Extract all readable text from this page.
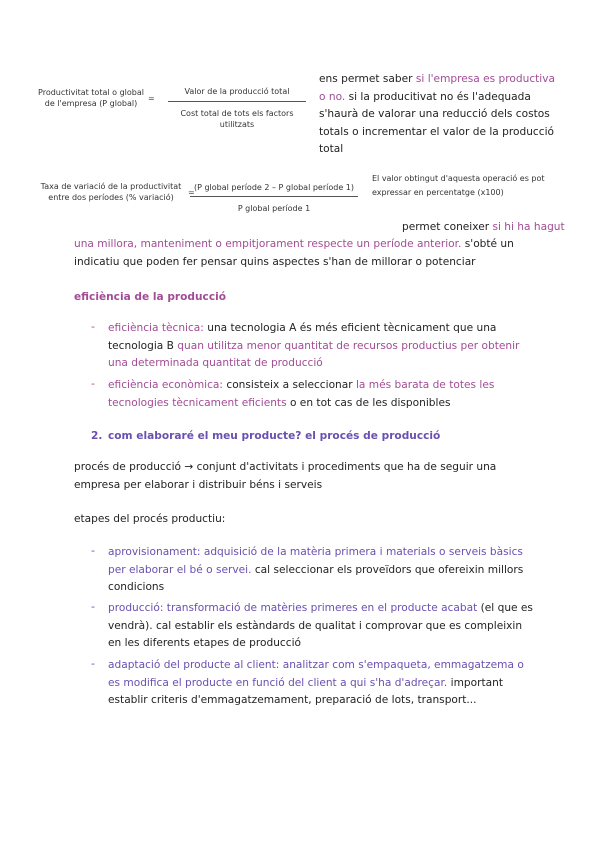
Productivitat total o global
de l'empresa (P global)
=
Valor de la producció total
Cost total de tots els factors
utilitzats
ens permet saber si l'empresa es productiva o no. si la producitivat no és l'adequada s'haurà de valorar una reducció dels costos totals o incrementar el valor de la producció total
Taxa de variació de la productivitat
entre dos períodes (% variació)
=
(P global període 2 – P global període 1)
P global període 1
El valor obtingut d'aquesta operació es pot expressar en percentatge (x100)
permet coneixer si hi ha hagut
una millora, manteniment o empitjorament respecte un període anterior. s'obté un indicatiu que poden fer pensar quins aspectes s'han de millorar o potenciar
eficiència de la producció
- eficiència tècnica: una tecnologia A és més eficient tècnicament que una tecnologia B quan utilitza menor quantitat de recursos productius per obtenir una determinada quantitat de producció
- eficiència econòmica: consisteix a seleccionar la més barata de totes les tecnologies tècnicament eficients o en tot cas de les disponibles
2. com elaboraré el meu producte? el procés de producció
procés de producció → conjunt d'activitats i procediments que ha de seguir una empresa per elaborar i distribuir béns i serveis
etapes del procés productiu:
- aprovisionament: adquisició de la matèria primera i materials o serveis bàsics per elaborar el bé o servei. cal seleccionar els proveïdors que ofereixin millors condicions
- producció: transformació de matèries primeres en el producte acabat (el que es vendrà). cal establir els estàndards de qualitat i comprovar que es compleixin en les diferents etapes de producció
- adaptació del producte al client: analitzar com s'empaqueta, emmagatzema o es modifica el producte en funció del client a qui s'ha d'adreçar. important establir criteris d'emmagatzemament, preparació de lots, transport...
